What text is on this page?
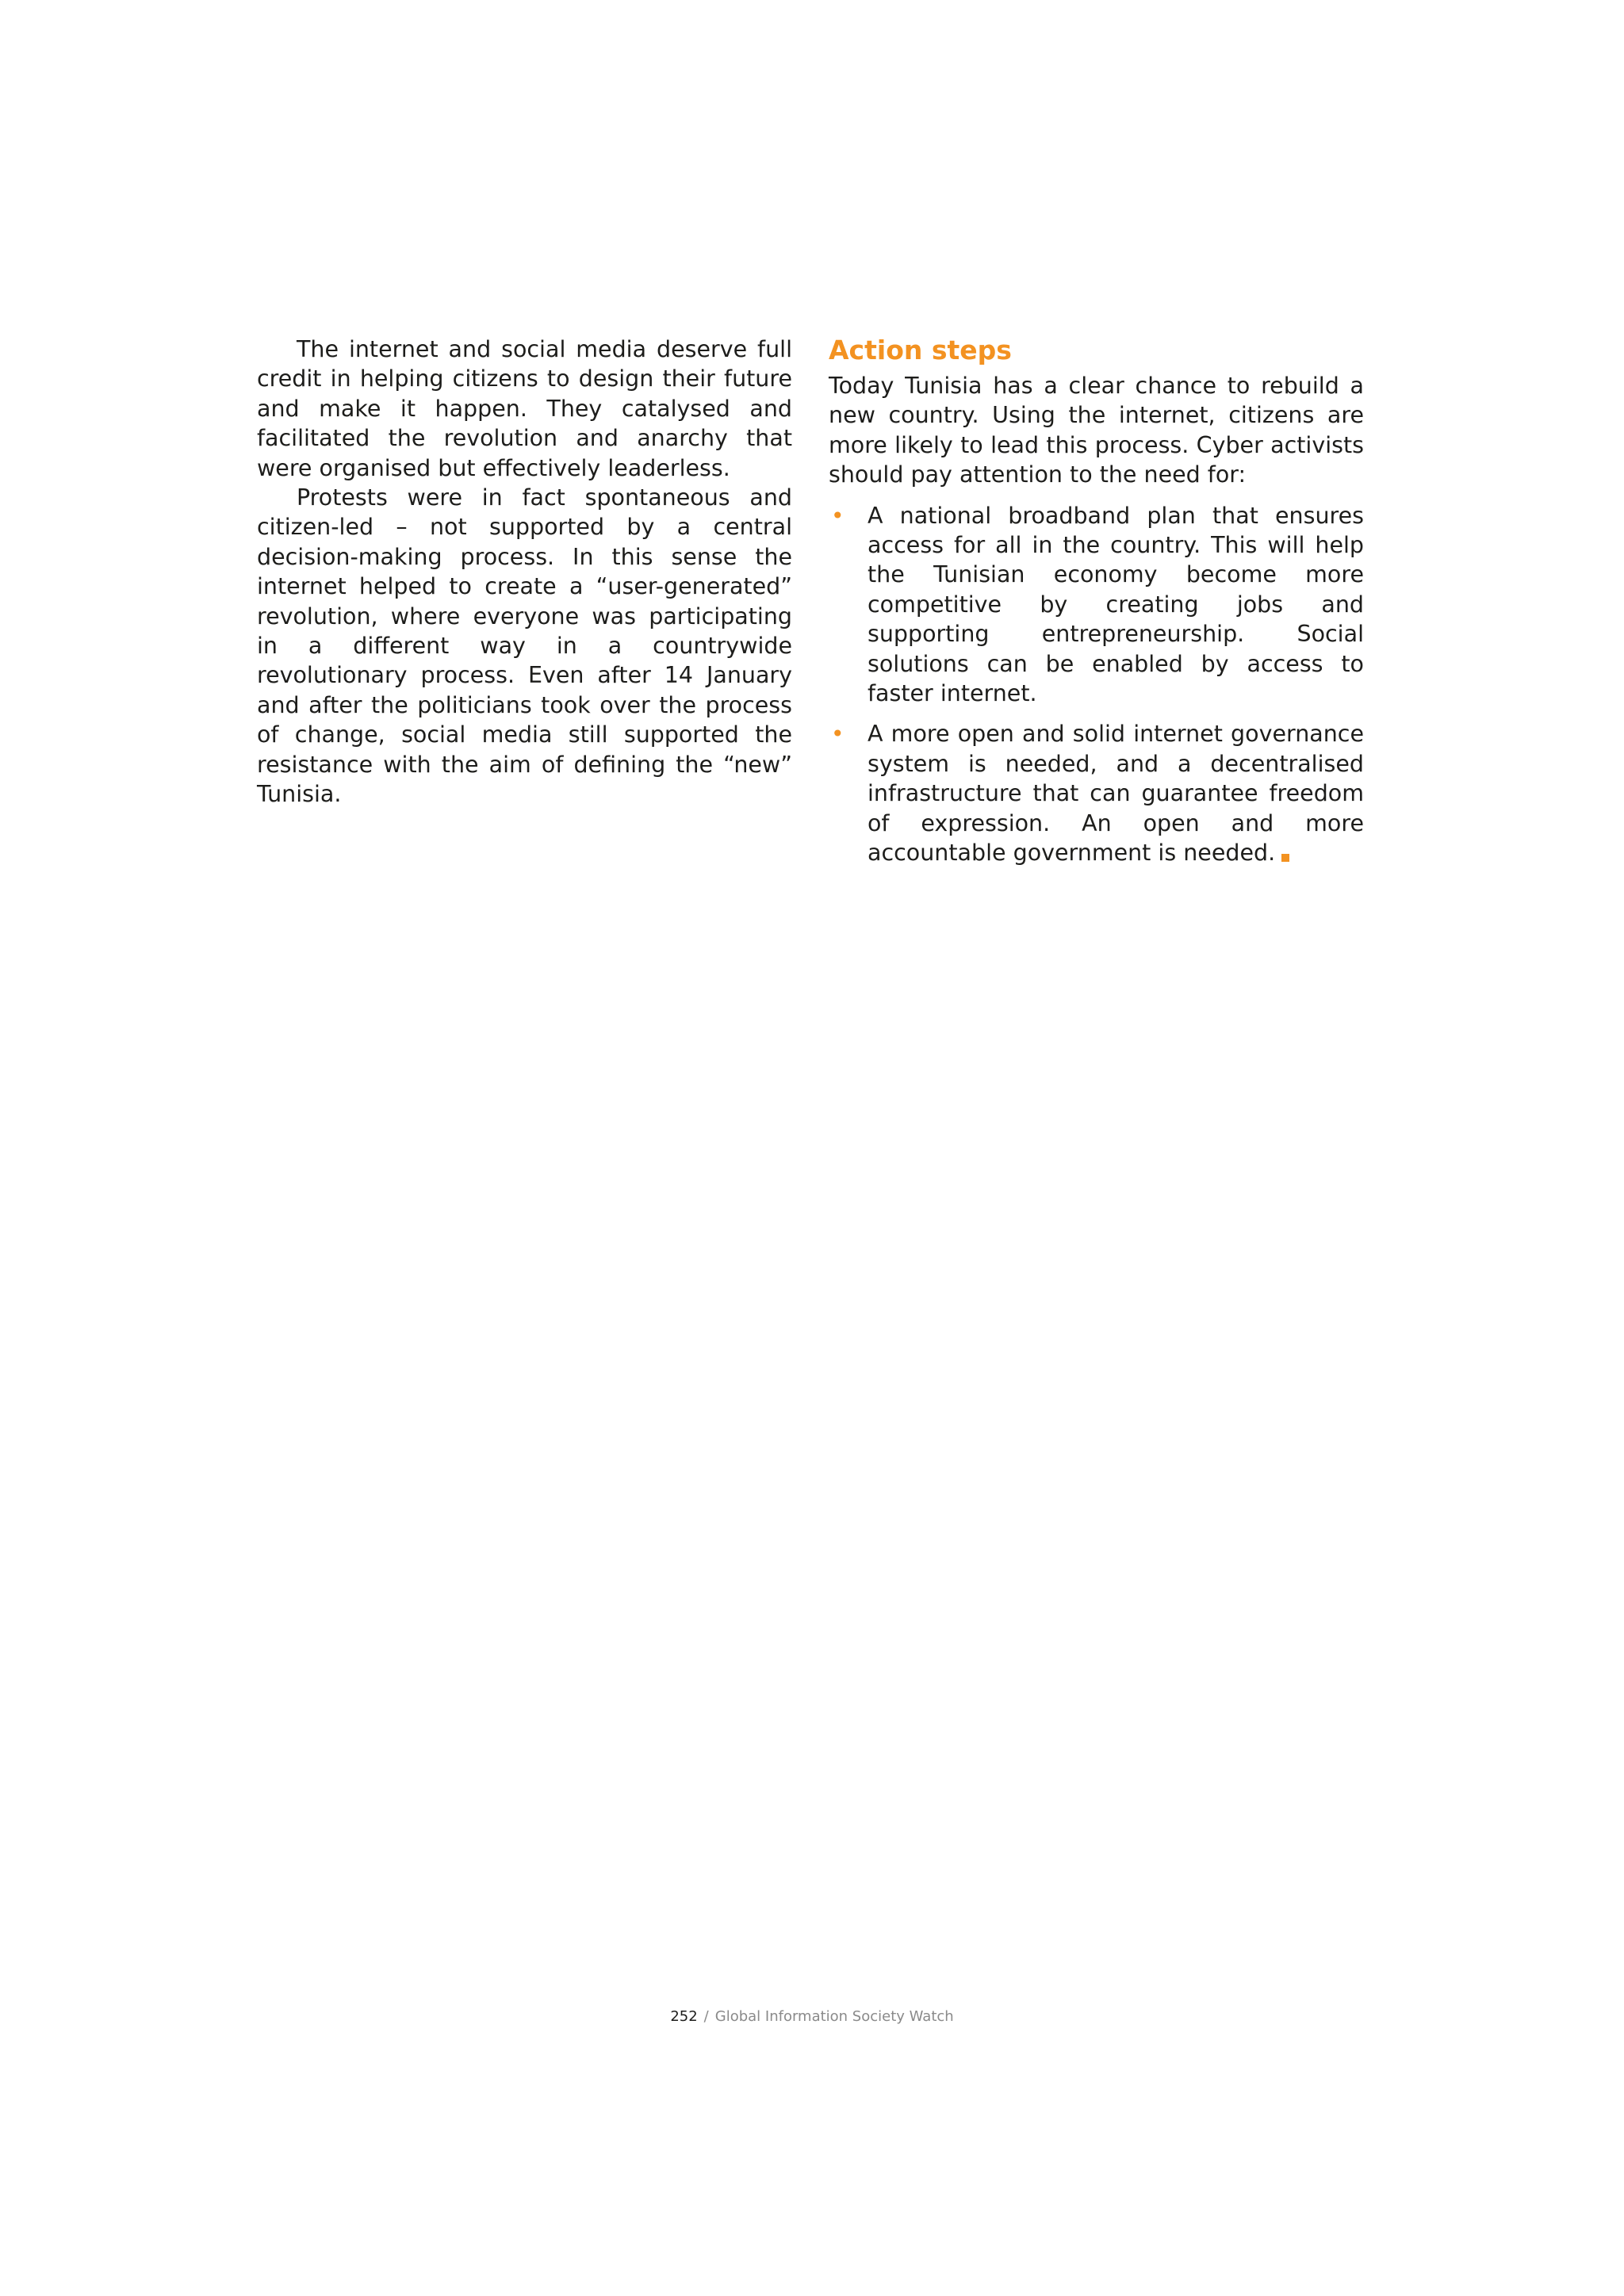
The internet and social media deserve full credit in helping citizens to design their future and make it happen. They catalysed and facilitated the revolution and anarchy that were organised but effectively leaderless.

Protests were in fact spontaneous and citizen-led – not supported by a central decision-making process. In this sense the internet helped to create a “user-generated” revolution, where everyone was participating in a different way in a countrywide revolutionary process. Even after 14 January and after the politicians took over the process of change, social media still supported the resistance with the aim of defining the “new” Tunisia.

Action steps

Today Tunisia has a clear chance to rebuild a new country. Using the internet, citizens are more likely to lead this process. Cyber activists should pay attention to the need for:

• A national broadband plan that ensures access for all in the country. This will help the Tunisian economy become more competitive by creating jobs and supporting entrepreneurship. Social solutions can be enabled by access to faster internet.
• A more open and solid internet governance system is needed, and a decentralised infrastructure that can guarantee freedom of expression. An open and more accountable government is needed.
252 / Global Information Society Watch
